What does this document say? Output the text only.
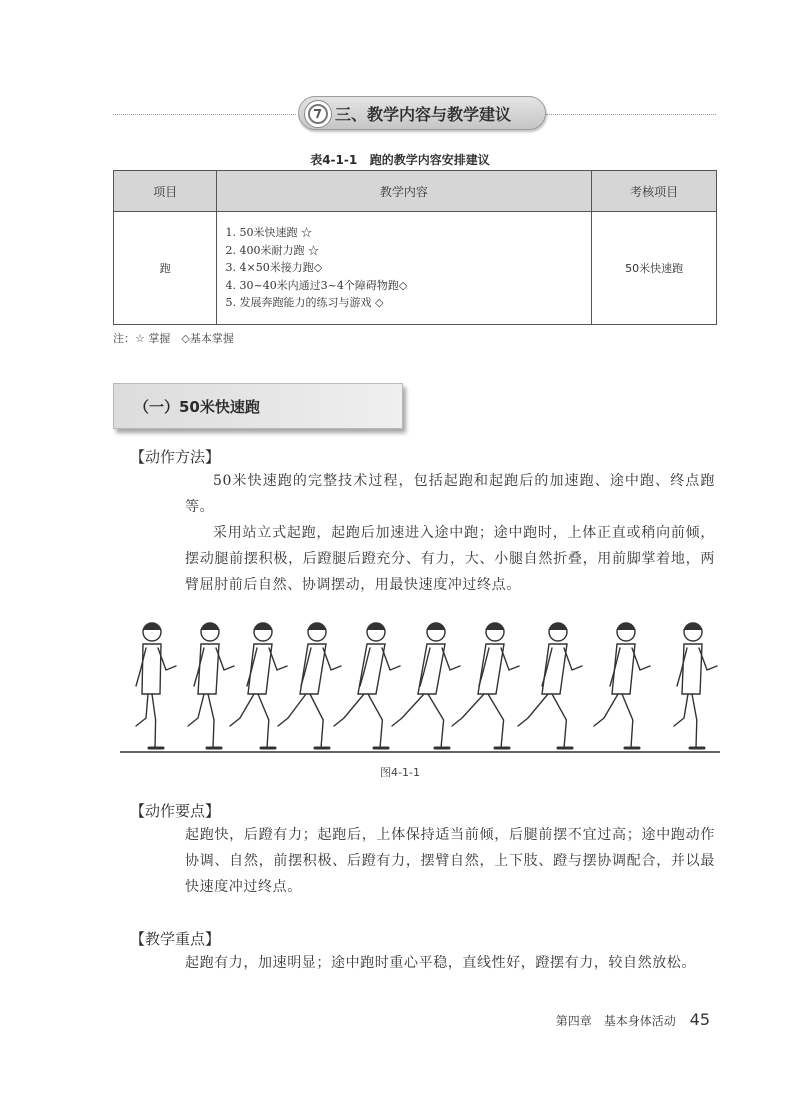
三、教学内容与教学建议
表4-1-1 跑的教学内容安排建议
项目	教学内容	考核项目
跑	1. 50米快速跑 ☆
2. 400米耐力跑 ☆
3. 4×50米接力跑◇
4. 30~40米内通过3~4个障碍物跑◇
5. 发展奔跑能力的练习与游戏 ◇	50米快速跑
注：☆ 掌握　◇基本掌握
（一）50米快速跑
【动作方法】
50米快速跑的完整技术过程，包括起跑和起跑后的加速跑、途中跑、终点跑等。
采用站立式起跑，起跑后加速进入途中跑；途中跑时，上体正直或稍向前倾，摆动腿前摆积极，后蹬腿后蹬充分、有力，大、小腿自然折叠，用前脚掌着地，两臂屈肘前后自然、协调摆动，用最快速度冲过终点。
图4-1-1
【动作要点】
起跑快，后蹬有力；起跑后，上体保持适当前倾，后腿前摆不宜过高；途中跑动作协调、自然，前摆积极、后蹬有力，摆臂自然，上下肢、蹬与摆协调配合，并以最快速度冲过终点。
【教学重点】
起跑有力，加速明显；途中跑时重心平稳，直线性好，蹬摆有力，较自然放松。
第四章　基本身体活动 45
